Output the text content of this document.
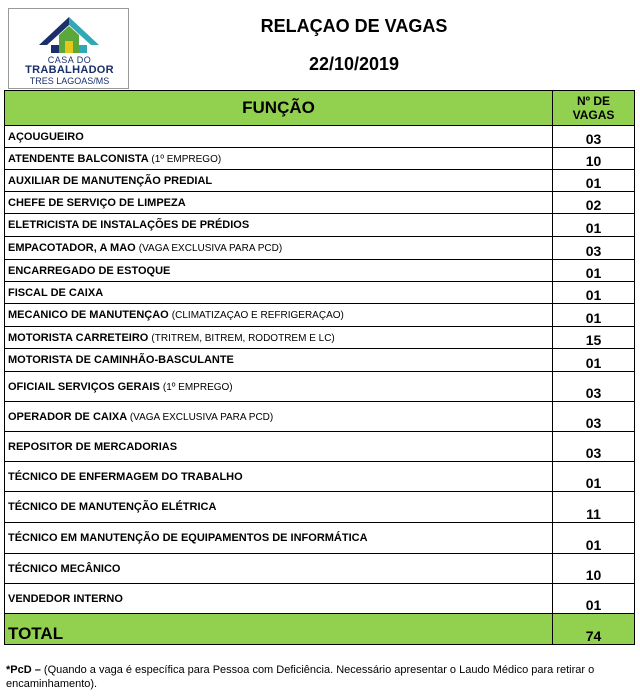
CASA DO
TRABALHADOR
TRES LAGOAS/MS
RELAÇAO DE VAGAS
22/10/2019
FUNÇÃO	Nº DE VAGAS
AÇOUGUEIRO	03
ATENDENTE BALCONISTA (1º EMPREGO)	10
AUXILIAR DE MANUTENÇÃO PREDIAL	01
CHEFE DE SERVIÇO DE LIMPEZA	02
ELETRICISTA DE INSTALAÇÕES DE PRÉDIOS	01
EMPACOTADOR, A MAO (VAGA EXCLUSIVA PARA PCD)	03
ENCARREGADO DE ESTOQUE	01
FISCAL DE CAIXA	01
MECANICO DE MANUTENÇAO (CLIMATIZAÇAO E REFRIGERAÇAO)	01
MOTORISTA CARRETEIRO (TRITREM, BITREM, RODOTREM E LC)	15
MOTORISTA DE CAMINHÃO-BASCULANTE	01
OFICIAIL SERVIÇOS GERAIS (1º EMPREGO)	03
OPERADOR DE CAIXA (VAGA EXCLUSIVA PARA PCD)	03
REPOSITOR DE MERCADORIAS	03
TÉCNICO DE ENFERMAGEM DO TRABALHO	01
TÉCNICO DE MANUTENÇÃO ELÉTRICA	11
TÉCNICO EM MANUTENÇÃO DE EQUIPAMENTOS DE INFORMÁTICA	01
TÉCNICO MECÂNICO	10
VENDEDOR INTERNO	01
TOTAL	74
*PcD – (Quando a vaga é específica para Pessoa com Deficiência. Necessário apresentar o Laudo Médico para retirar o encaminhamento).
